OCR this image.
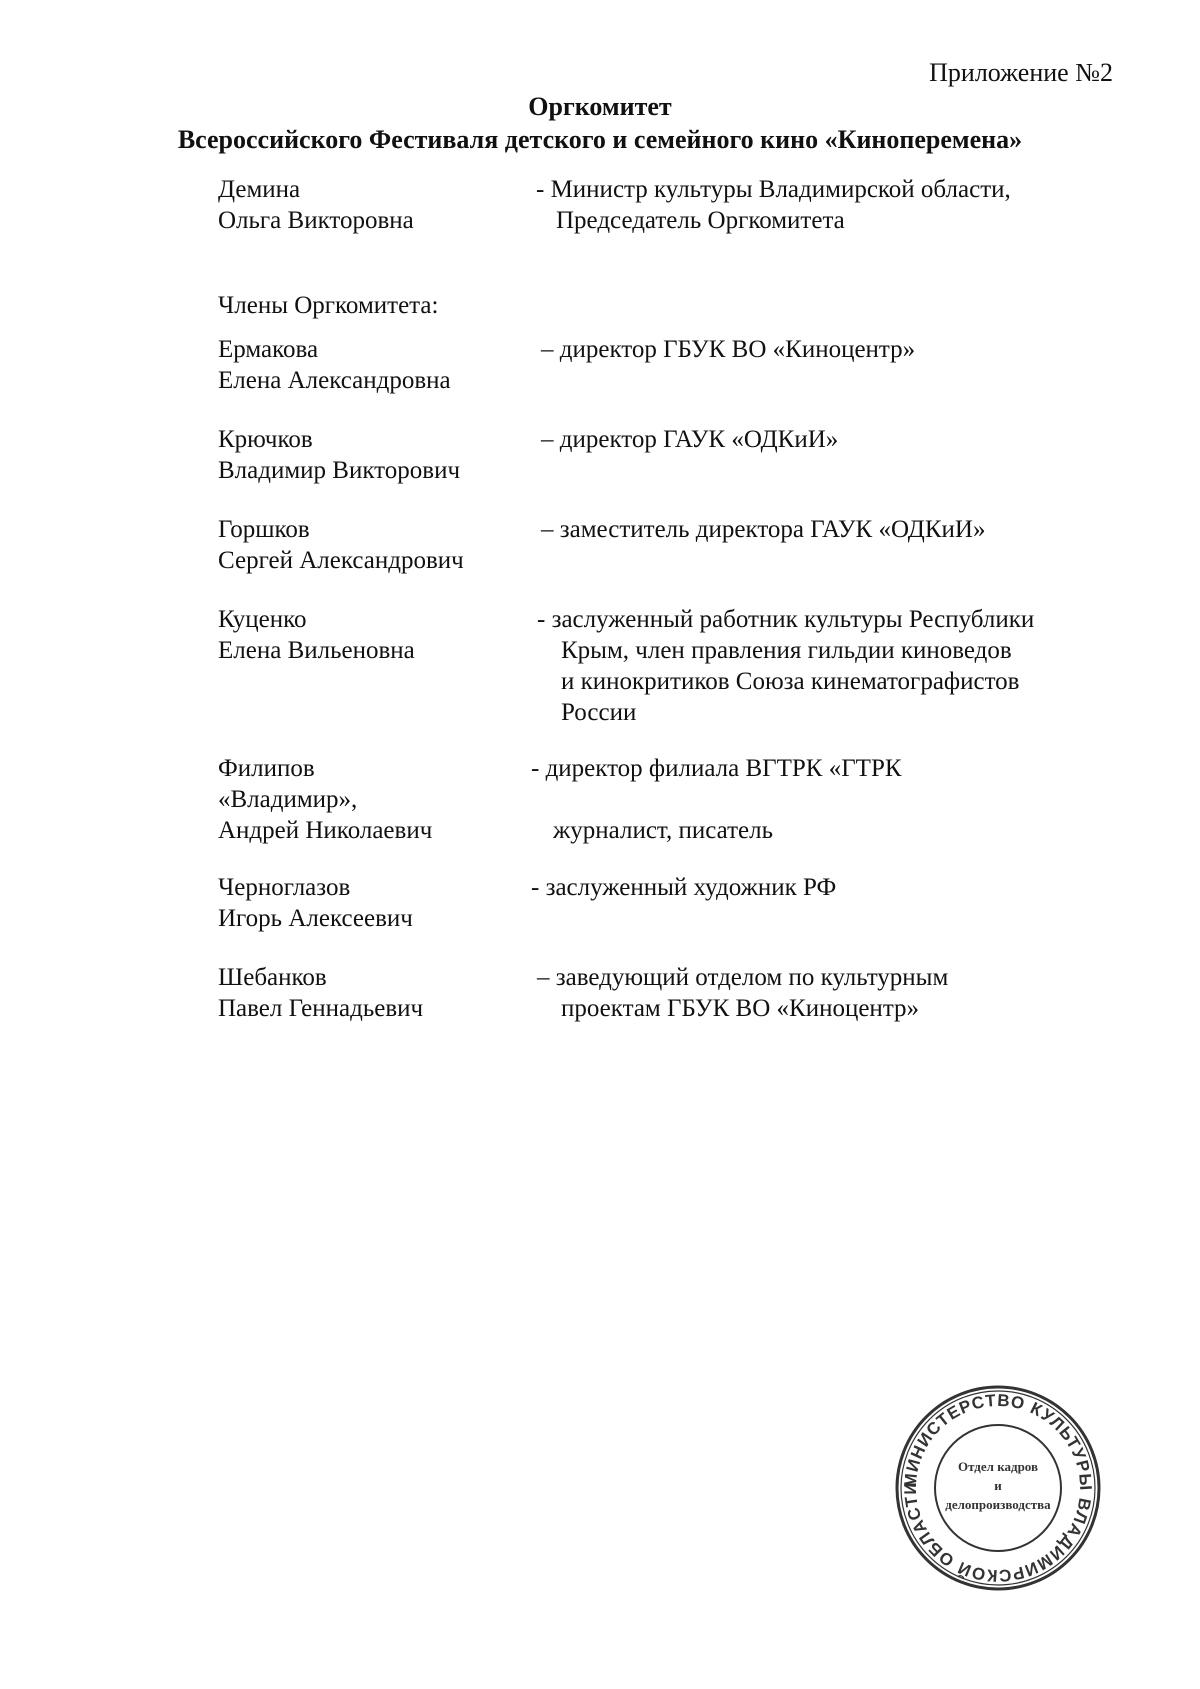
Приложение №2
Оргкомитет
Всероссийского Фестиваля детского и семейного кино «Киноперемена»
Демина
Ольга Викторовна
- Министр культуры Владимирской области,
Председатель Оргкомитета
Члены Оргкомитета:
Ермакова
Елена Александровна
– директор ГБУК ВО «Киноцентр»
Крючков
Владимир Викторович
– директор ГАУК «ОДКиИ»
Горшков
Сергей Александрович
– заместитель директора ГАУК «ОДКиИ»
Куценко
Елена Вильеновна
- заслуженный работник культуры Республики
Крым, член правления гильдии киноведов
и кинокритиков Союза кинематографистов
России
Филипов
«Владимир»,
Андрей Николаевич
- директор филиала ВГТРК «ГТРК
журналист, писатель
Черноглазов
Игорь Алексеевич
- заслуженный художник РФ
Шебанков
Павел Геннадьевич
– заведующий отделом по культурным
проектам ГБУК ВО «Киноцентр»
МИНИСТЕРСТВО КУЛЬТУРЫ ВЛАДИМИРСКОЙ ОБЛАСТИ
Отдел кадров
и
делопроизводства
